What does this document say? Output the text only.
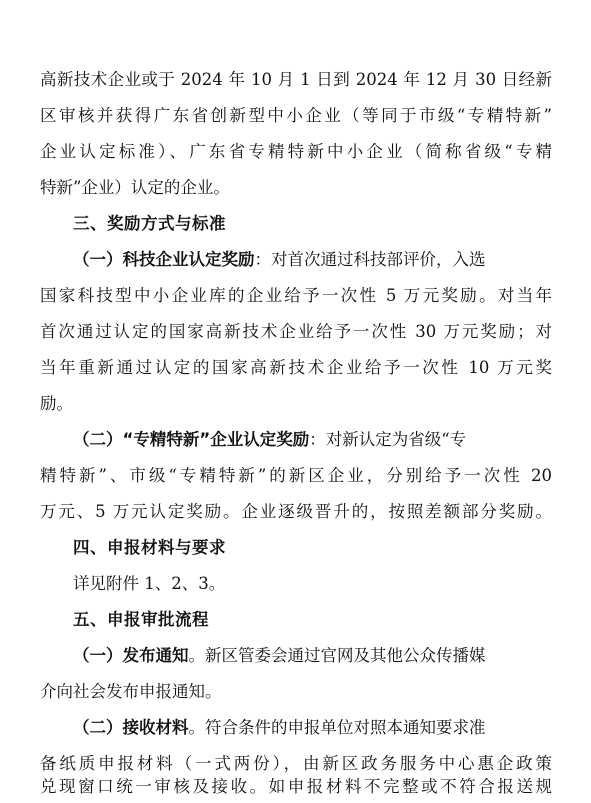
高新技术企业或于 2024 年 10 月 1 日到 2024 年 12 月 30 日经新
区审核并获得广东省创新型中小企业（等同于市级“专精特新”
企业认定标准）、广东省专精特新中小企业（简称省级“专精
特新”企业）认定的企业。
三、奖励方式与标准
（一）科技企业认定奖励：对首次通过科技部评价，入选
国家科技型中小企业库的企业给予一次性 5 万元奖励。对当年
首次通过认定的国家高新技术企业给予一次性 30 万元奖励；对
当年重新通过认定的国家高新技术企业给予一次性 10 万元奖
励。
（二）“专精特新”企业认定奖励：对新认定为省级“专
精特新”、市级“专精特新”的新区企业，分别给予一次性 20
万元、5 万元认定奖励。企业逐级晋升的，按照差额部分奖励。
四、申报材料与要求
详见附件 1、2、3。
五、申报审批流程
（一）发布通知。新区管委会通过官网及其他公众传播媒
介向社会发布申报通知。
（二）接收材料。符合条件的申报单位对照本通知要求准
备纸质申报材料（一式两份），由新区政务服务中心惠企政策
兑现窗口统一审核及接收。如申报材料不完整或不符合报送规
